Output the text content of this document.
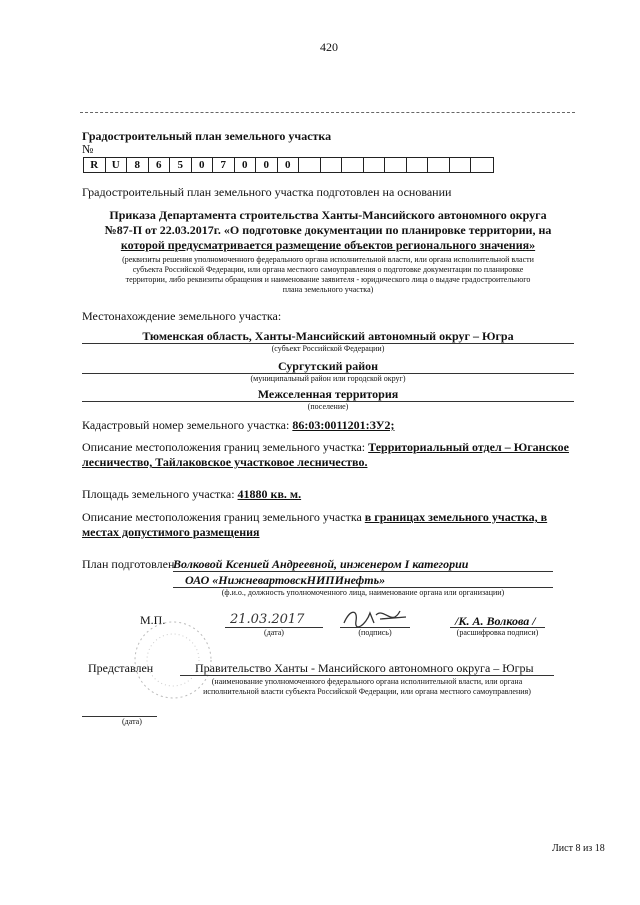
420
Градостроительный план земельного участка
№
R	U	8	6	5	0	7	0	0	0
Градостроительный план земельного участка подготовлен на основании
Приказа Департамента строительства Ханты-Мансийского автономного округа
№87-П от 22.03.2017г. «О подготовке документации по планировке территории, на
которой предусматривается размещение объектов регионального значения»
(реквизиты решения уполномоченного федерального органа исполнительной власти, или органа исполнительной власти
субъекта Российской Федерации, или органа местного самоуправления о подготовке документации по планировке
территории, либо реквизиты обращения и наименование заявителя - юридического лица о выдаче градостроительного
плана земельного участка)
Местонахождение земельного участка:
Тюменская область, Ханты-Мансийский автономный округ – Югра
(субъект Российской Федерации)
Сургутский район
(муниципальный район или городской округ)
Межселенная территория
(поселение)
Кадастровый номер земельного участка: 86:03:0011201:ЗУ2;
Описание местоположения границ земельного участка: Территориальный отдел – Юганское
лесничество, Тайлаковское участковое лесничество.
Площадь земельного участка: 41880 кв. м.
Описание местоположения границ земельного участка в границах земельного участка, в
местах допустимого размещения
План подготовлен
Волковой Ксенией Андреевной, инженером I категории
ОАО «НижневартовскНИПИнефть»
(ф.и.о., должность уполномоченного лица, наименование органа или организации)
М.П.	21.03.2017
(дата)	(подпись)
/К. А. Волкова /
(расшифровка подписи)
Представлен	Правительство Ханты - Мансийского автономного округа – Югры
(наименование уполномоченного федерального органа исполнительной власти, или органа
исполнительной власти субъекта Российской Федерации, или органа местного самоуправления)
(дата)
Лист 8 из 18
